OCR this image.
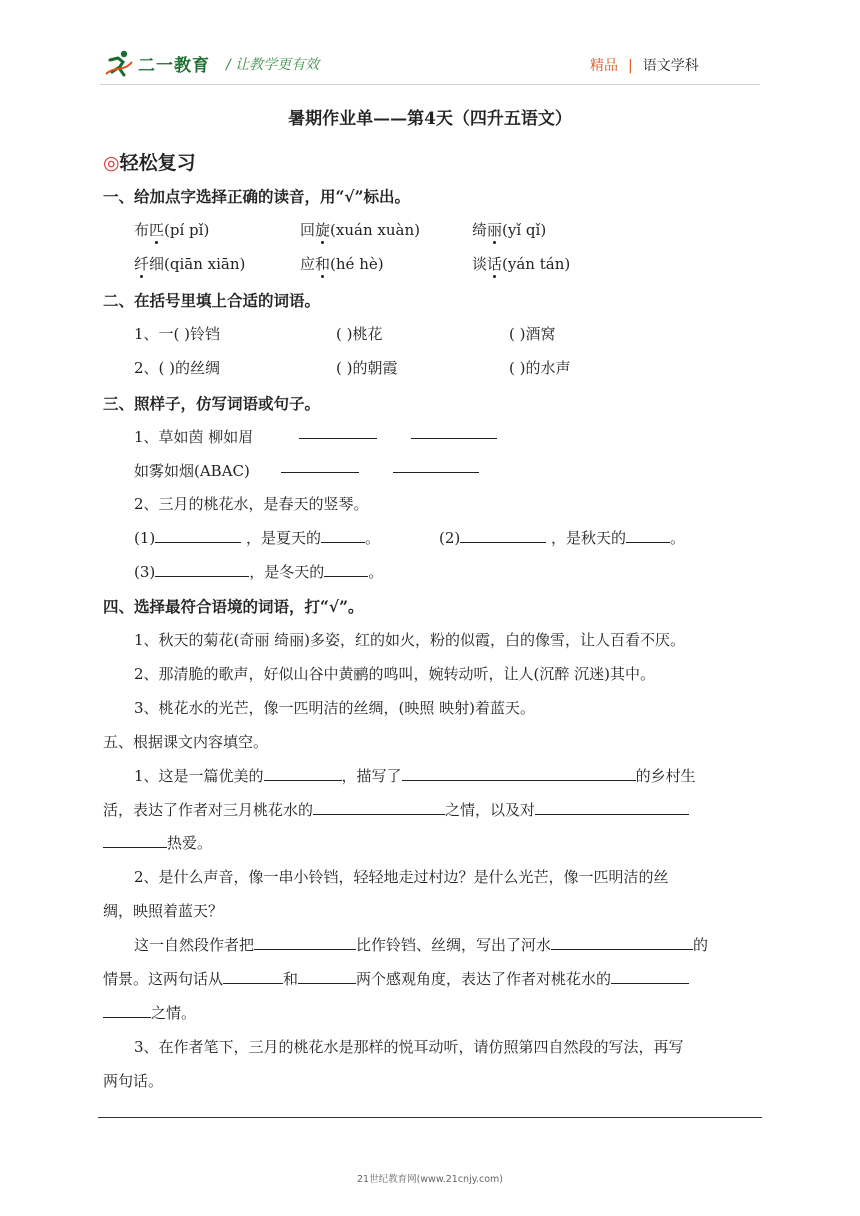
二一教育 / 让教学更有效	精品 | 语文学科
暑期作业单——第4天（四升五语文）
◎轻松复习
一、给加点字选择正确的读音，用“√”标出。
布匹(pí pǐ)	回旋(xuán xuàn)	绮丽(yǐ qǐ)
纤细(qiān xiān)	应和(hé hè)	谈话(yán tán)
二、在括号里填上合适的词语。
1、一( )铃铛	( )桃花	( )酒窝
2、( )的丝绸	( )的朝霞	( )的水声
三、照样子，仿写词语或句子。
1、草如茵 柳如眉
如雾如烟(ABAC)
2、三月的桃花水，是春天的竖琴。
(1)	，是夏天的	。	(2)	，是秋天的	。
(3)	，是冬天的	。
四、选择最符合语境的词语，打“√”。
1、秋天的菊花(奇丽 绮丽)多姿，红的如火，粉的似霞，白的像雪，让人百看不厌。
2、那清脆的歌声，好似山谷中黄鹂的鸣叫，婉转动听，让人(沉醉 沉迷)其中。
3、桃花水的光芒，像一匹明洁的丝绸，(映照 映射)着蓝天。
五、根据课文内容填空。
1、这是一篇优美的	，描写了	的乡村生
活，表达了作者对三月桃花水的	之情，以及对
热爱。
2、是什么声音，像一串小铃铛，轻轻地走过村边？是什么光芒，像一匹明洁的丝
绸，映照着蓝天？
这一自然段作者把	比作铃铛、丝绸，写出了河水	的
情景。这两句话从	和	两个感观角度，表达了作者对桃花水的
之情。
3、在作者笔下，三月的桃花水是那样的悦耳动听，请仿照第四自然段的写法，再写
两句话。
21世纪教育网(www.21cnjy.com)
